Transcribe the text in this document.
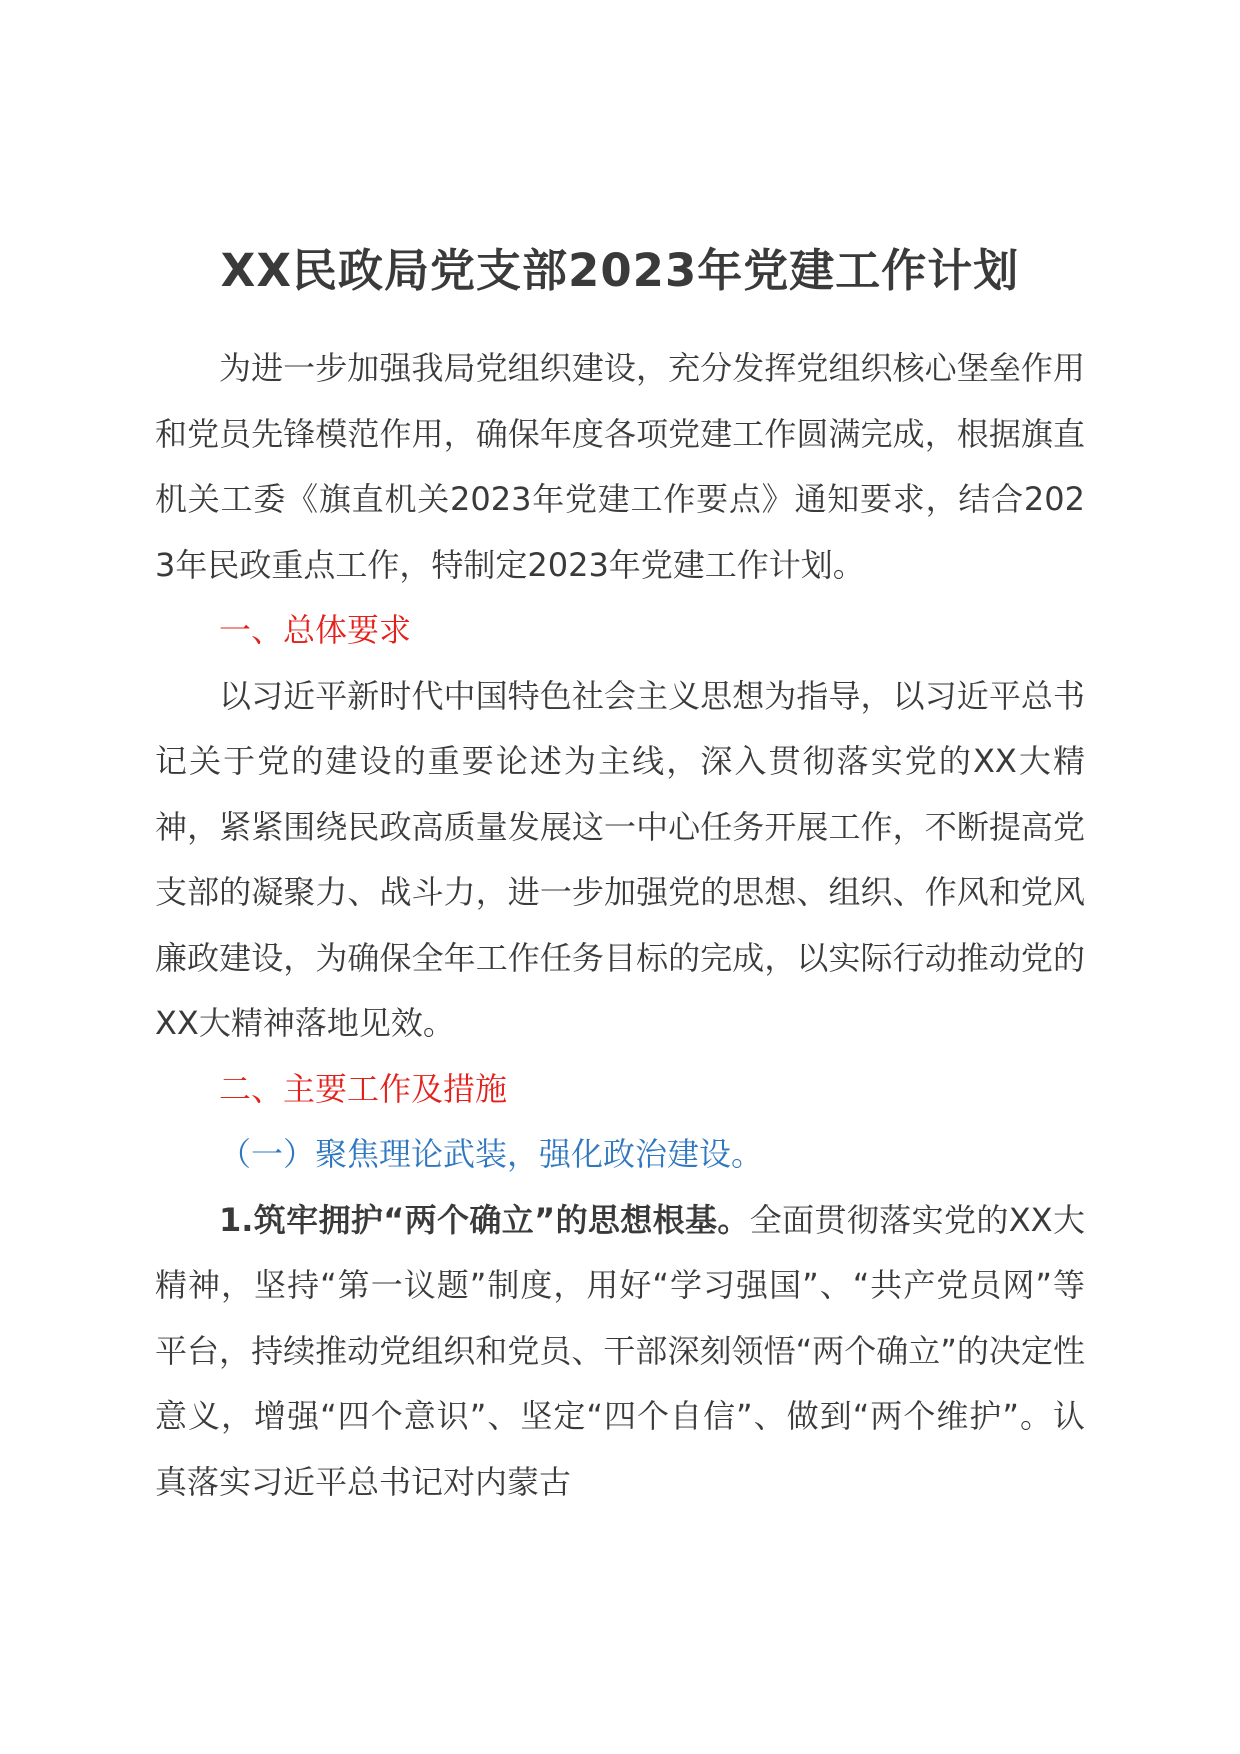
XX民政局党支部2023年党建工作计划

为进一步加强我局党组织建设，充分发挥党组织核心堡垒作用和党员先锋模范作用，确保年度各项党建工作圆满完成，根据旗直机关工委《旗直机关2023年党建工作要点》通知要求，结合2023年民政重点工作，特制定2023年党建工作计划。

一、总体要求

以习近平新时代中国特色社会主义思想为指导，以习近平总书记关于党的建设的重要论述为主线，深入贯彻落实党的XX大精神，紧紧围绕民政高质量发展这一中心任务开展工作，不断提高党支部的凝聚力、战斗力，进一步加强党的思想、组织、作风和党风廉政建设，为确保全年工作任务目标的完成，以实际行动推动党的XX大精神落地见效。

二、主要工作及措施

（一）聚焦理论武装，强化政治建设。

1.筑牢拥护“两个确立”的思想根基。全面贯彻落实党的XX大精神，坚持“第一议题”制度，用好“学习强国”、“共产党员网”等平台，持续推动党组织和党员、干部深刻领悟“两个确立”的决定性意义，增强“四个意识”、坚定“四个自信”、做到“两个维护”。认真落实习近平总书记对内蒙古
